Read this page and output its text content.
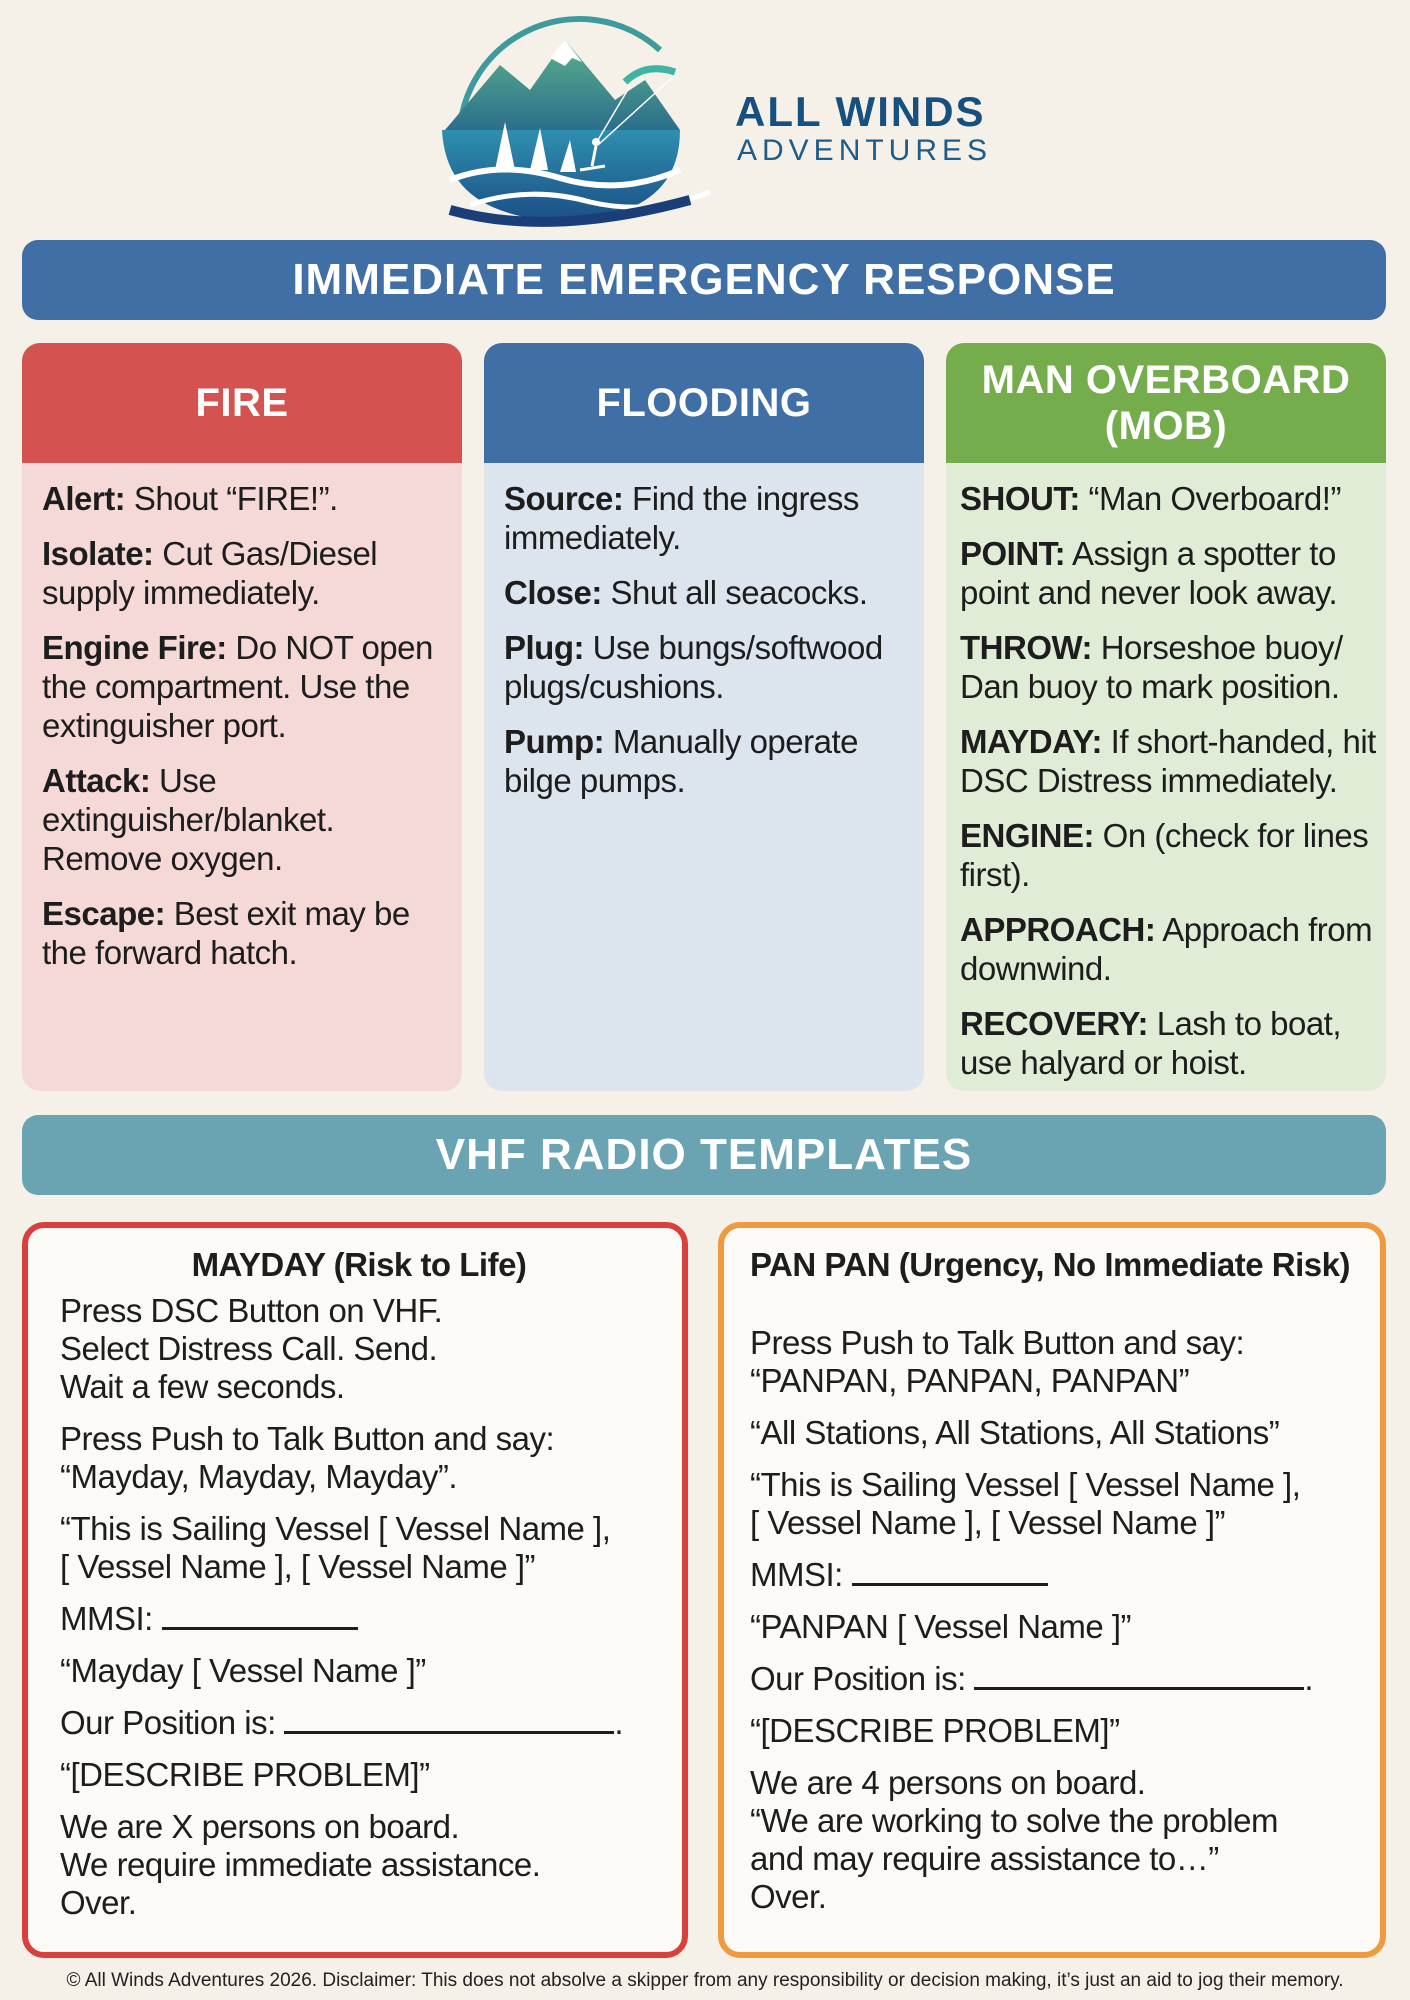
ALL WINDS
ADVENTURES
IMMEDIATE EMERGENCY RESPONSE
FIRE
Alert: Shout “FIRE!”.
Isolate: Cut Gas/Diesel supply immediately.
Engine Fire: Do NOT open the compartment. Use the extinguisher port.
Attack: Use extinguisher/blanket. Remove oxygen.
Escape: Best exit may be the forward hatch.
FLOODING
Source: Find the ingress immediately.
Close: Shut all seacocks.
Plug: Use bungs/softwood plugs/cushions.
Pump: Manually operate bilge pumps.
MAN OVERBOARD
(MOB)
SHOUT: “Man Overboard!”
POINT: Assign a spotter to point and never look away.
THROW: Horseshoe buoy/ Dan buoy to mark position.
MAYDAY: If short-handed, hit DSC Distress immediately.
ENGINE: On (check for lines first).
APPROACH: Approach from downwind.
RECOVERY: Lash to boat, use halyard or hoist.
VHF RADIO TEMPLATES
MAYDAY (Risk to Life)
Press DSC Button on VHF.
Select Distress Call. Send.
Wait a few seconds.
Press Push to Talk Button and say:
“Mayday, Mayday, Mayday”.
“This is Sailing Vessel [ Vessel Name ],
[ Vessel Name ], [ Vessel Name ]”
MMSI:
“Mayday [ Vessel Name ]”
Our Position is:	.
“[DESCRIBE PROBLEM]”
We are X persons on board.
We require immediate assistance.
Over.
PAN PAN (Urgency, No Immediate Risk)
Press Push to Talk Button and say:
“PANPAN, PANPAN, PANPAN”
“All Stations, All Stations, All Stations”
“This is Sailing Vessel [ Vessel Name ],
[ Vessel Name ], [ Vessel Name ]”
MMSI:
“PANPAN [ Vessel Name ]”
Our Position is:	.
“[DESCRIBE PROBLEM]”
We are 4 persons on board.
“We are working to solve the problem
and may require assistance to…”
Over.
© All Winds Adventures 2026. Disclaimer: This does not absolve a skipper from any responsibility or decision making, it’s just an aid to jog their memory.
